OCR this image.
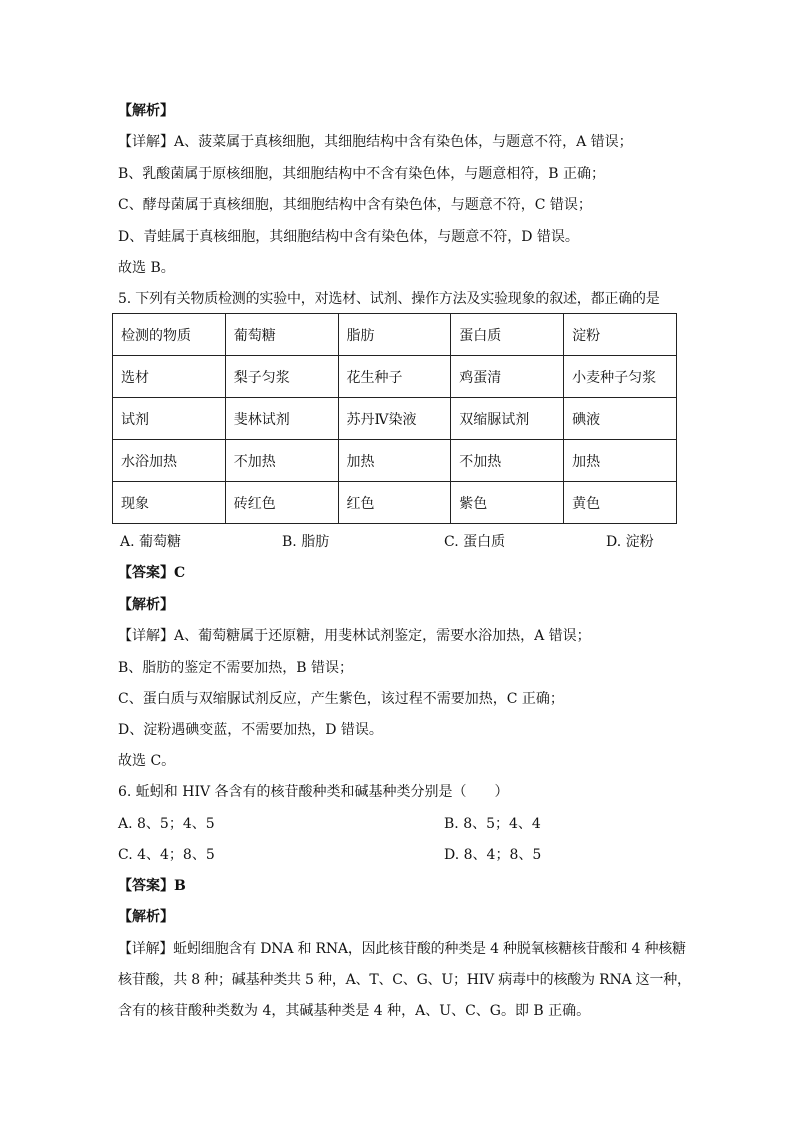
【解析】
【详解】A、菠菜属于真核细胞，其细胞结构中含有染色体，与题意不符，A 错误；
B、乳酸菌属于原核细胞，其细胞结构中不含有染色体，与题意相符，B 正确；
C、酵母菌属于真核细胞，其细胞结构中含有染色体，与题意不符，C 错误；
D、青蛙属于真核细胞，其细胞结构中含有染色体，与题意不符，D 错误。
故选 B。
5. 下列有关物质检测的实验中，对选材、试剂、操作方法及实验现象的叙述，都正确的是
检测的物质	葡萄糖	脂肪	蛋白质	淀粉
选材	梨子匀浆	花生种子	鸡蛋清	小麦种子匀浆
试剂	斐林试剂	苏丹Ⅳ染液	双缩脲试剂	碘液
水浴加热	不加热	加热	不加热	加热
现象	砖红色	红色	紫色	黄色
A. 葡萄糖	B. 脂肪	C. 蛋白质	D. 淀粉
【答案】C
【解析】
【详解】A、葡萄糖属于还原糖，用斐林试剂鉴定，需要水浴加热，A 错误；
B、脂肪的鉴定不需要加热，B 错误；
C、蛋白质与双缩脲试剂反应，产生紫色，该过程不需要加热，C 正确；
D、淀粉遇碘变蓝，不需要加热，D 错误。
故选 C。
6. 蚯蚓和 HIV 各含有的核苷酸种类和碱基种类分别是（　　）
A. 8、5；4、5	B. 8、5；4、4
C. 4、4；8、5	D. 8、4；8、5
【答案】B
【解析】
【详解】蚯蚓细胞含有 DNA 和 RNA，因此核苷酸的种类是 4 种脱氧核糖核苷酸和 4 种核糖
核苷酸，共 8 种；碱基种类共 5 种，A、T、C、G、U；HIV 病毒中的核酸为 RNA 这一种，
含有的核苷酸种类数为 4，其碱基种类是 4 种，A、U、C、G。即 B 正确。
